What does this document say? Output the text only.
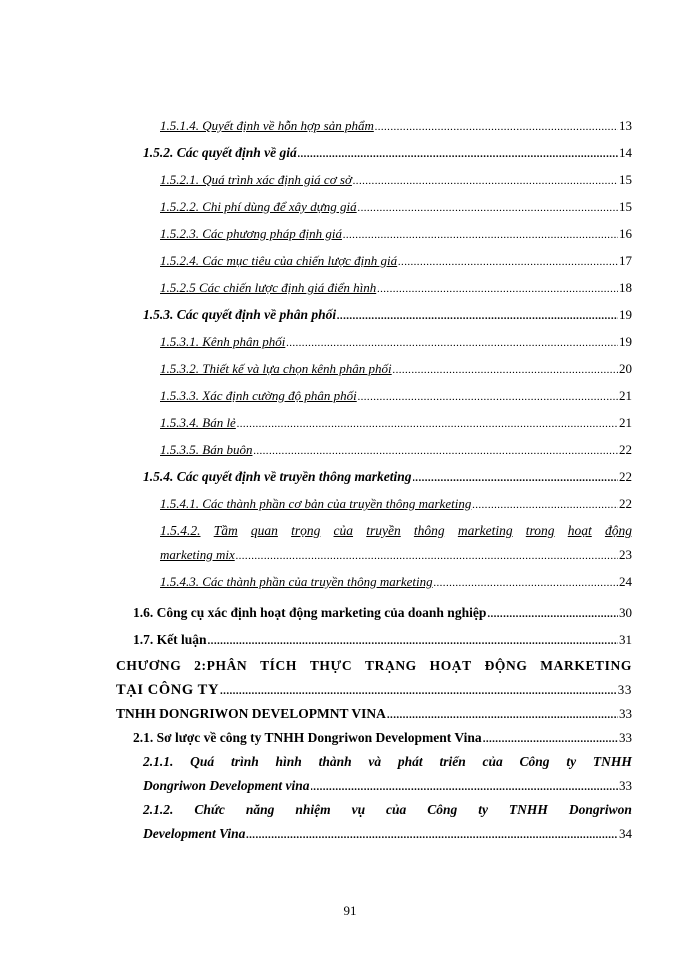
1.5.1.4. Quyết định về hỗn hợp sản phẩm .....	13
1.5.2. Các quyết định về giá .....	14
1.5.2.1. Quá trình xác định giá cơ sở .....	15
1.5.2.2. Chi phí dùng để xây dựng giá .....	15
1.5.2.3. Các phương pháp định giá .....	16
1.5.2.4. Các mục tiêu của chiến lược định giá .....	17
1.5.2.5 Các chiến lược định giá điển hình .....	18
1.5.3. Các quyết định về phân phối .....	19
1.5.3.1. Kênh phân phối .....	19
1.5.3.2. Thiết kế và lựa chọn kênh phân phối .....	20
1.5.3.3. Xác định cường độ phân phối .....	21
1.5.3.4. Bán lẻ .....	21
1.5.3.5. Bán buôn .....	22
1.5.4. Các quyết định về truyền thông marketing .....	22
1.5.4.1. Các thành phần cơ bản của truyền thông marketing .....	22
1.5.4.2. Tầm quan trọng của truyền thông marketing trong hoạt động
marketing mix .....	23
1.5.4.3. Các thành phần của truyền thông marketing .....	24
1.6. Công cụ xác định hoạt động marketing của doanh nghiệp .....	30
1.7. Kết luận .....	31
CHƯƠNG 2:PHÂN TÍCH THỰC TRẠNG HOẠT ĐỘNG MARKETING
TẠI CÔNG TY .....	33
TNHH DONGRIWON DEVELOPMNT VINA .....	33
2.1. Sơ lược về công ty TNHH Dongriwon Development Vina .....	33
2.1.1. Quá trình hình thành và phát triển của Công ty TNHH
Dongriwon Development vina .....	33
2.1.2. Chức năng nhiệm vụ của Công ty TNHH Dongriwon
Development Vina .....	34
91
